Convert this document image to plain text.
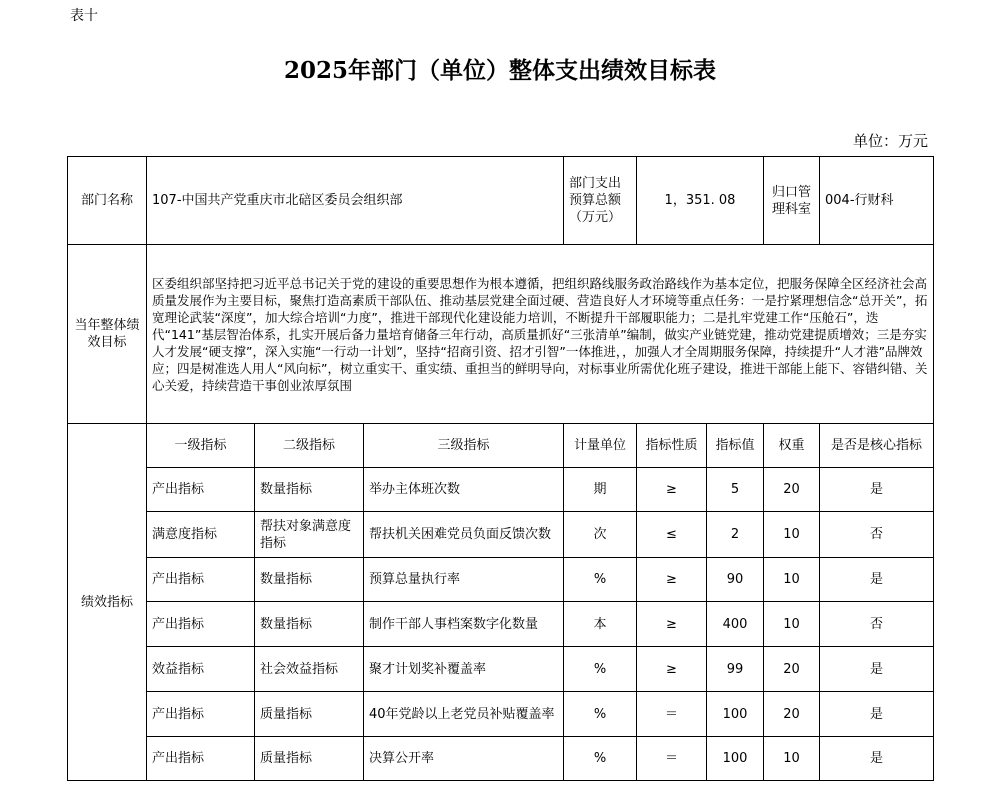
表十
2025年部门（单位）整体支出绩效目标表
单位：万元
部门名称	107-中国共产党重庆市北碚区委员会组织部			部门支出预算总额（万元）	1，351. 08		归口管理科室	004-行财科
当年整体绩效目标	区委组织部坚持把习近平总书记关于党的建设的重要思想作为根本遵循，把组织路线服务政治路线作为基本定位，把服务保障全区经济社会高质量发展作为主要目标，聚焦打造高素质干部队伍、推动基层党建全面过硬、营造良好人才环境等重点任务：一是拧紧理想信念“总开关”，拓宽理论武装“深度”，加大综合培训“力度”，推进干部现代化建设能力培训，不断提升干部履职能力；二是扎牢党建工作“压舱石”，迭代“141”基层智治体系，扎实开展后备力量培育储备三年行动，高质量抓好“三张清单”编制，做实产业链党建，推动党建提质增效；三是夯实人才发展“硬支撑”，深入实施“一行动一计划”，坚持“招商引资、招才引智”一体推进，，加强人才全周期服务保障，持续提升“人才港”品牌效应；四是树准选人用人“风向标”，树立重实干、重实绩、重担当的鲜明导向，对标事业所需优化班子建设，推进干部能上能下、容错纠错、关心关爱，持续营造干事创业浓厚氛围							
绩效指标	一级指标	二级指标	三级指标	计量单位	指标性质	指标值	权重	是否是核心指标
	产出指标	数量指标	举办主体班次数	期	≥	5	20	是
	满意度指标	帮扶对象满意度指标	帮扶机关困难党员负面反馈次数	次	≤	2	10	否
	产出指标	数量指标	预算总量执行率	%	≥	90	10	是
	产出指标	数量指标	制作干部人事档案数字化数量	本	≥	400	10	否
	效益指标	社会效益指标	聚才计划奖补覆盖率	%	≥	99	20	是
	产出指标	质量指标	40年党龄以上老党员补贴覆盖率	%	＝	100	20	是
	产出指标	质量指标	决算公开率	%	＝	100	10	是
